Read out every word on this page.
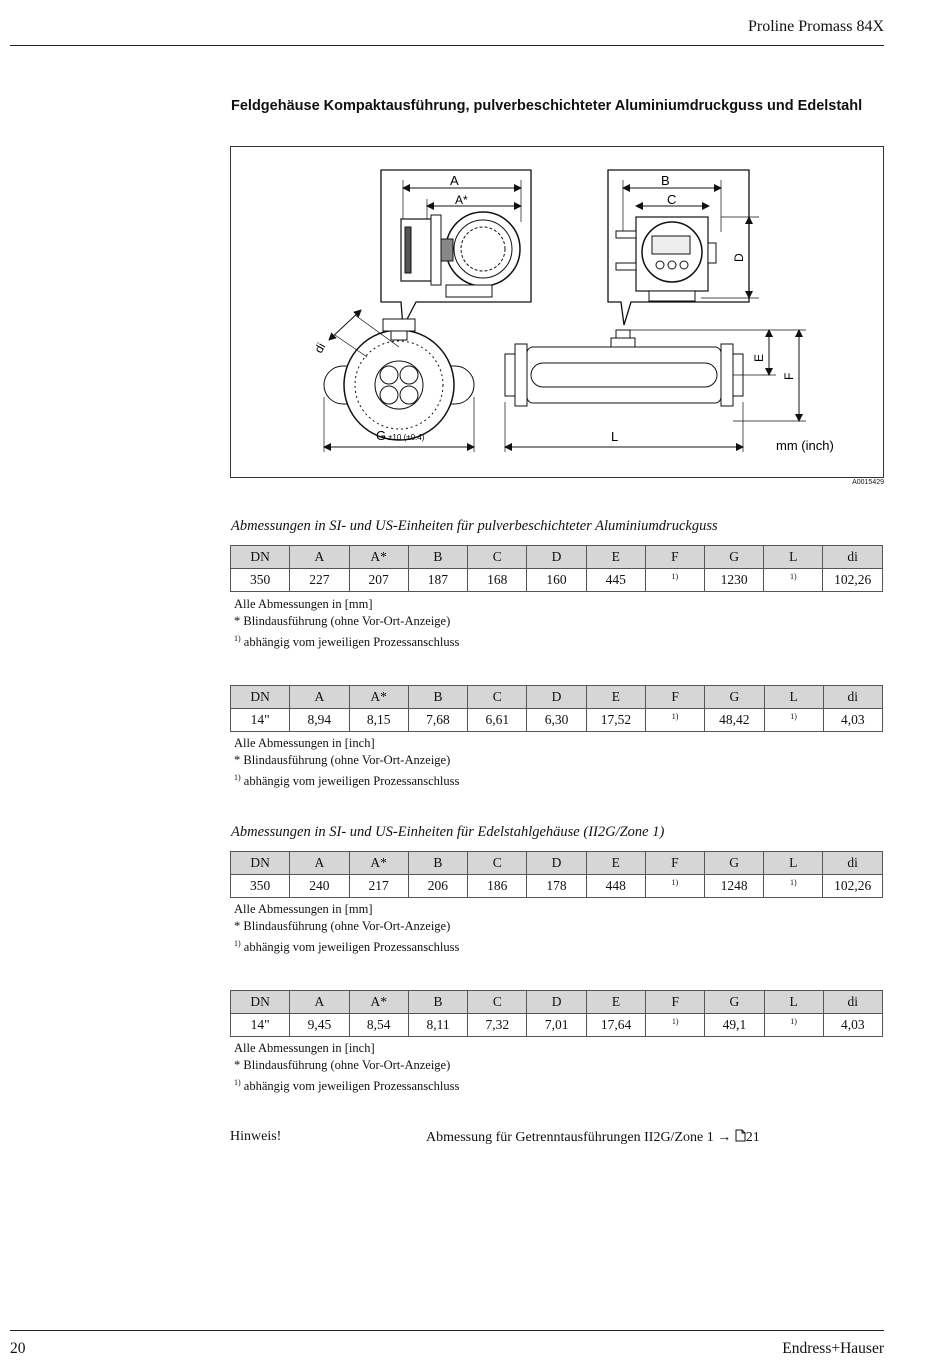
Proline Promass 84X
Feldgehäuse Kompaktausführung, pulverbeschichteter Aluminiumdruckguss und Edelstahl
A
A*
B
C
D
di
G ±10 (±0.4)	L
E
F
mm (inch)
A0015429
Abmessungen in SI- und US-Einheiten für pulverbeschichteter Aluminiumdruckguss
DN	A	A*	B	C	D	E	F	G	L	di
350	227	207	187	168	160	445	$^{1)}$	1230	$^{1)}$	102,26
Alle Abmessungen in [mm]
* Blindausführung (ohne Vor-Ort-Anzeige)
$^{1)}$ abhängig vom jeweiligen Prozessanschluss
DN	A	A*	B	C	D	E	F	G	L	di
14"	8,94	8,15	7,68	6,61	6,30	17,52	$^{1)}$	48,42	$^{1)}$	4,03
Alle Abmessungen in [inch]
* Blindausführung (ohne Vor-Ort-Anzeige)
$^{1)}$ abhängig vom jeweiligen Prozessanschluss
Abmessungen in SI- und US-Einheiten für Edelstahlgehäuse (II2G/Zone 1)
DN	A	A*	B	C	D	E	F	G	L	di
350	240	217	206	186	178	448	$^{1)}$	1248	$^{1)}$	102,26
Alle Abmessungen in [mm]
* Blindausführung (ohne Vor-Ort-Anzeige)
$^{1)}$ abhängig vom jeweiligen Prozessanschluss
DN	A	A*	B	C	D	E	F	G	L	di
14"	9,45	8,54	8,11	7,32	7,01	17,64	$^{1)}$	49,1	$^{1)}$	4,03
Alle Abmessungen in [inch]
* Blindausführung (ohne Vor-Ort-Anzeige)
$^{1)}$ abhängig vom jeweiligen Prozessanschluss
Hinweis!	Abmessung für Getrenntausführungen II2G/Zone 1 → 21
20	Endress+Hauser
